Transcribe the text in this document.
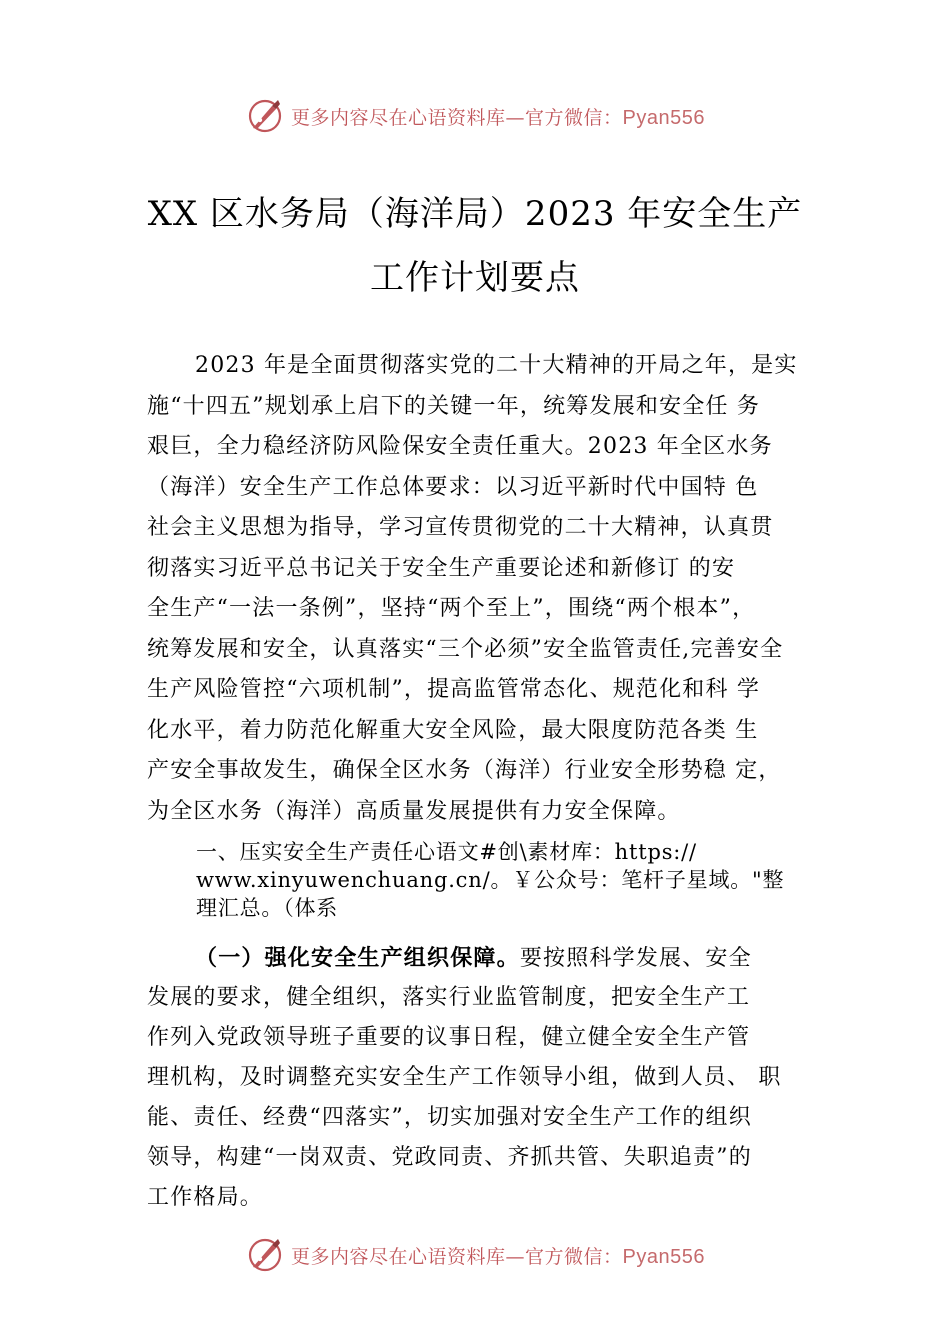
更多内容尽在心语资料库—官方微信：Pyan556
XX 区水务局（海洋局）2023 年安全生产
工作计划要点
2023 年是全面贯彻落实党的二十大精神的开局之年，是实
施“十四五”规划承上启下的关键一年，统筹发展和安全任 务
艰巨，全力稳经济防风险保安全责任重大。2023 年全区水务
（海洋）安全生产工作总体要求：以习近平新时代中国特 色
社会主义思想为指导，学习宣传贯彻党的二十大精神，认真贯
彻落实习近平总书记关于安全生产重要论述和新修订 的安
全生产“一法一条例”，坚持“两个至上”，围绕“两个根本”，
统筹发展和安全，认真落实“三个必须”安全监管责任,完善安全
生产风险管控“六项机制”，提高监管常态化、规范化和科 学
化水平，着力防范化解重大安全风险，最大限度防范各类 生
产安全事故发生，确保全区水务（海洋）行业安全形势稳 定，
为全区水务（海洋）高质量发展提供有力安全保障。
一、压实安全生产责任心语文#创\素材库：https://
www.xinyuwenchuang.cn/。￥公众号：笔杆子星域。"整
理汇总。（体系
（一）强化安全生产组织保障。要按照科学发展、安全
发展的要求，健全组织，落实行业监管制度，把安全生产工
作列入党政领导班子重要的议事日程，健立健全安全生产管
理机构，及时调整充实安全生产工作领导小组，做到人员、 职
能、责任、经费“四落实”，切实加强对安全生产工作的组织
领导，构建“一岗双责、党政同责、齐抓共管、失职追责”的
工作格局。
更多内容尽在心语资料库—官方微信：Pyan556
